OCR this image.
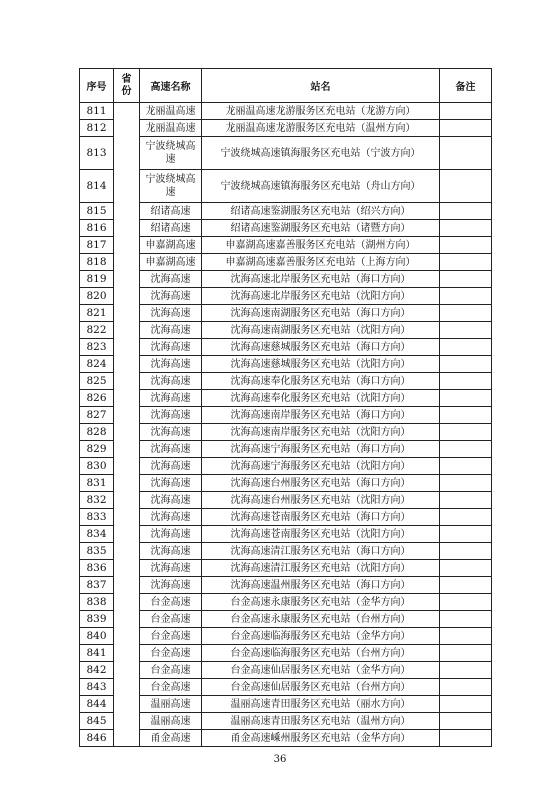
序号	省份	高速名称	站名	备注
811		龙丽温高速	龙丽温高速龙游服务区充电站（龙游方向）	
812		龙丽温高速	龙丽温高速龙游服务区充电站（温州方向）	
813		宁波绕城高速	宁波绕城高速镇海服务区充电站（宁波方向）	
814		宁波绕城高速	宁波绕城高速镇海服务区充电站（舟山方向）	
815		绍诸高速	绍诸高速鉴湖服务区充电站（绍兴方向）	
816		绍诸高速	绍诸高速鉴湖服务区充电站（诸暨方向）	
817		申嘉湖高速	申嘉湖高速嘉善服务区充电站（湖州方向）	
818		申嘉湖高速	申嘉湖高速嘉善服务区充电站（上海方向）	
819		沈海高速	沈海高速北岸服务区充电站（海口方向）	
820		沈海高速	沈海高速北岸服务区充电站（沈阳方向）	
821		沈海高速	沈海高速南湖服务区充电站（海口方向）	
822		沈海高速	沈海高速南湖服务区充电站（沈阳方向）	
823		沈海高速	沈海高速慈城服务区充电站（海口方向）	
824		沈海高速	沈海高速慈城服务区充电站（沈阳方向）	
825		沈海高速	沈海高速奉化服务区充电站（海口方向）	
826		沈海高速	沈海高速奉化服务区充电站（沈阳方向）	
827		沈海高速	沈海高速南岸服务区充电站（海口方向）	
828		沈海高速	沈海高速南岸服务区充电站（沈阳方向）	
829		沈海高速	沈海高速宁海服务区充电站（海口方向）	
830		沈海高速	沈海高速宁海服务区充电站（沈阳方向）	
831		沈海高速	沈海高速台州服务区充电站（海口方向）	
832		沈海高速	沈海高速台州服务区充电站（沈阳方向）	
833		沈海高速	沈海高速苍南服务区充电站（海口方向）	
834		沈海高速	沈海高速苍南服务区充电站（沈阳方向）	
835		沈海高速	沈海高速清江服务区充电站（海口方向）	
836		沈海高速	沈海高速清江服务区充电站（沈阳方向）	
837		沈海高速	沈海高速温州服务区充电站（海口方向）	
838		台金高速	台金高速永康服务区充电站（金华方向）	
839		台金高速	台金高速永康服务区充电站（台州方向）	
840		台金高速	台金高速临海服务区充电站（金华方向）	
841		台金高速	台金高速临海服务区充电站（台州方向）	
842		台金高速	台金高速仙居服务区充电站（金华方向）	
843		台金高速	台金高速仙居服务区充电站（台州方向）	
844		温丽高速	温丽高速青田服务区充电站（丽水方向）	
845		温丽高速	温丽高速青田服务区充电站（温州方向）	
846		甬金高速	甬金高速嵊州服务区充电站（金华方向）	
36
